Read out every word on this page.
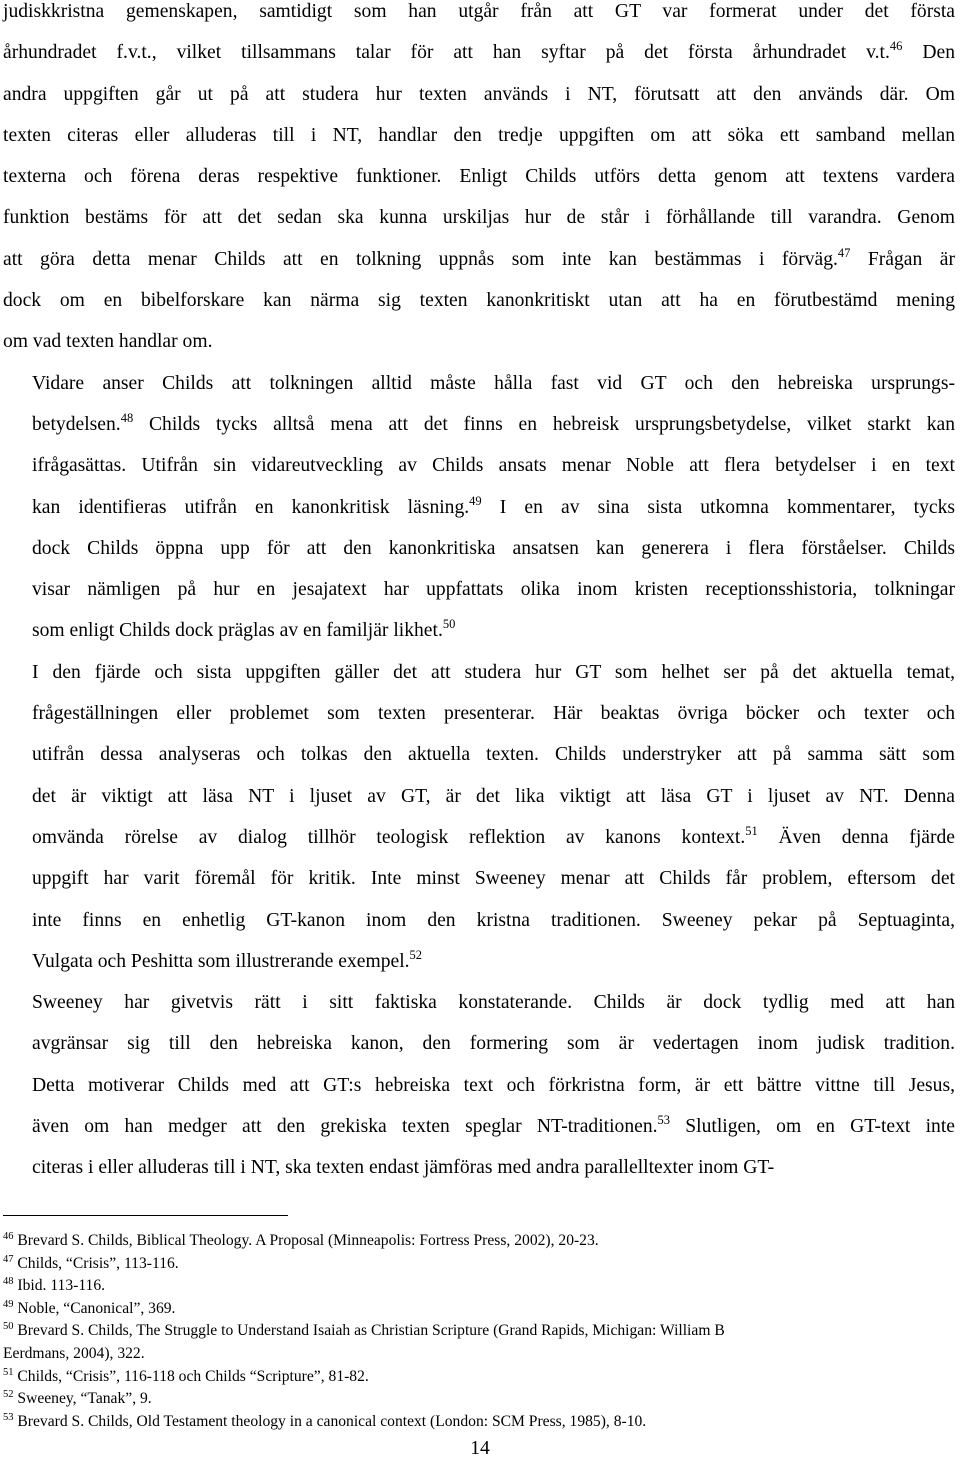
judiskkristna gemenskapen, samtidigt som han utgår från att GT var formerat under det första
århundradet f.v.t., vilket tillsammans talar för att han syftar på det första århundradet v.t.$^{46}$ Den
andra uppgiften går ut på att studera hur texten används i NT, förutsatt att den används där. Om
texten citeras eller alluderas till i NT, handlar den tredje uppgiften om att söka ett samband mellan
texterna och förena deras respektive funktioner. Enligt Childs utförs detta genom att textens vardera
funktion bestäms för att det sedan ska kunna urskiljas hur de står i förhållande till varandra. Genom
att göra detta menar Childs att en tolkning uppnås som inte kan bestämmas i förväg.$^{47}$ Frågan är
dock om en bibelforskare kan närma sig texten kanonkritiskt utan att ha en förutbestämd mening
om vad texten handlar om.

Vidare anser Childs att tolkningen alltid måste hålla fast vid GT och den hebreiska ursprungs-
betydelsen.$^{48}$ Childs tycks alltså mena att det finns en hebreisk ursprungsbetydelse, vilket starkt kan
ifrågasättas. Utifrån sin vidareutveckling av Childs ansats menar Noble att flera betydelser i en text
kan identifieras utifrån en kanonkritisk läsning.$^{49}$ I en av sina sista utkomna kommentarer, tycks
dock Childs öppna upp för att den kanonkritiska ansatsen kan generera i flera förståelser. Childs
visar nämligen på hur en jesajatext har uppfattats olika inom kristen receptionsshistoria, tolkningar
som enligt Childs dock präglas av en familjär likhet.$^{50}$

I den fjärde och sista uppgiften gäller det att studera hur GT som helhet ser på det aktuella temat,
frågeställningen eller problemet som texten presenterar. Här beaktas övriga böcker och texter och
utifrån dessa analyseras och tolkas den aktuella texten. Childs understryker att på samma sätt som
det är viktigt att läsa NT i ljuset av GT, är det lika viktigt att läsa GT i ljuset av NT. Denna
omvända rörelse av dialog tillhör teologisk reflektion av kanons kontext.$^{51}$ Även denna fjärde
uppgift har varit föremål för kritik. Inte minst Sweeney menar att Childs får problem, eftersom det
inte finns en enhetlig GT-kanon inom den kristna traditionen. Sweeney pekar på Septuaginta,
Vulgata och Peshitta som illustrerande exempel.$^{52}$

Sweeney har givetvis rätt i sitt faktiska konstaterande. Childs är dock tydlig med att han
avgränsar sig till den hebreiska kanon, den formering som är vedertagen inom judisk tradition.
Detta motiverar Childs med att GT:s hebreiska text och förkristna form, är ett bättre vittne till Jesus,
även om han medger att den grekiska texten speglar NT-traditionen.$^{53}$ Slutligen, om en GT-text inte
citeras i eller alluderas till i NT, ska texten endast jämföras med andra parallelltexter inom GT-

$^{46}$ Brevard S. Childs, Biblical Theology. A Proposal (Minneapolis: Fortress Press, 2002), 20-23.

$^{47}$ Childs, “Crisis”, 113-116.

$^{48}$ Ibid. 113-116.

$^{49}$ Noble, “Canonical”, 369.

$^{50}$ Brevard S. Childs, The Struggle to Understand Isaiah as Christian Scripture (Grand Rapids, Michigan: William B

Eerdmans, 2004), 322.

$^{51}$ Childs, “Crisis”, 116-118 och Childs “Scripture”, 81-82.

$^{52}$ Sweeney, “Tanak”, 9.

$^{53}$ Brevard S. Childs, Old Testament theology in a canonical context (London: SCM Press, 1985), 8-10.

14
